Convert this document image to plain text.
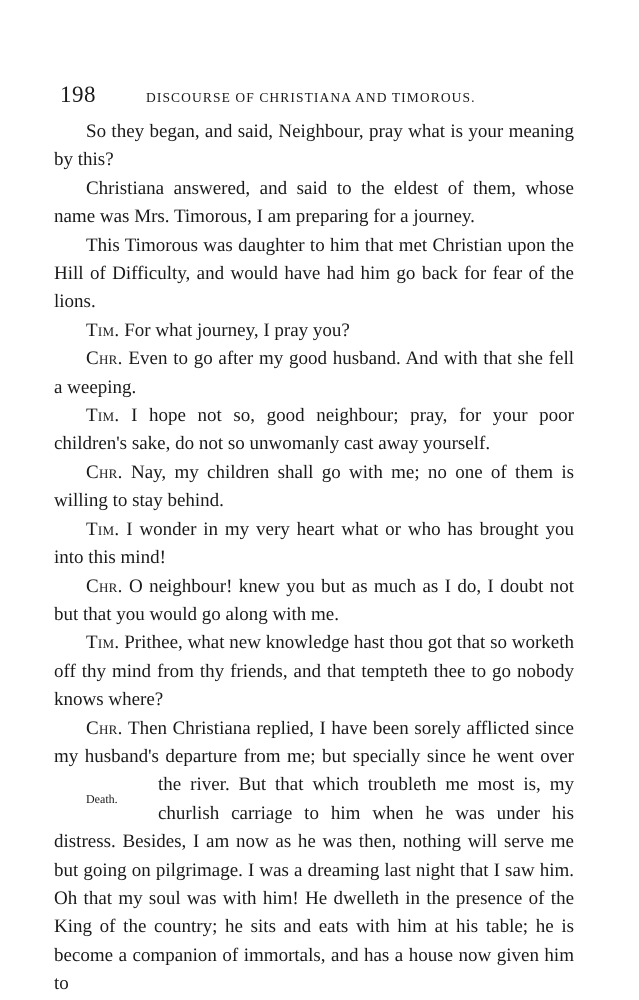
198	DISCOURSE OF CHRISTIANA AND TIMOROUS.

So they began, and said, Neighbour, pray what is your meaning by this?

Christiana answered, and said to the eldest of them, whose name was Mrs. Timorous, I am preparing for a journey.

This Timorous was daughter to him that met Christian upon the Hill of Difficulty, and would have had him go back for fear of the lions.

Tim. For what journey, I pray you?

Chr. Even to go after my good husband. And with that she fell a weeping.

Tim. I hope not so, good neighbour; pray, for your poor children's sake, do not so unwomanly cast away yourself.

Chr. Nay, my children shall go with me; no one of them is willing to stay behind.

Tim. I wonder in my very heart what or who has brought you into this mind!

Chr. O neighbour! knew you but as much as I do, I doubt not but that you would go along with me.

Tim. Prithee, what new knowledge hast thou got that so worketh off thy mind from thy friends, and that tempteth thee to go nobody knows where?

Chr. Then Christiana replied, I have been sorely afflicted since my husband's departure from me; but specially since he
Death.
went over the river. But that which troubleth me most is, my churlish carriage to him when he was under his distress. Besides, I am now as he was then, nothing will serve me but going on pilgrimage. I was a dreaming last night that I saw him. Oh that my soul was with him! He dwelleth in the presence of the King of the country; he sits and eats with him at his table; he is become a companion of immortals, and has a house now given him to
